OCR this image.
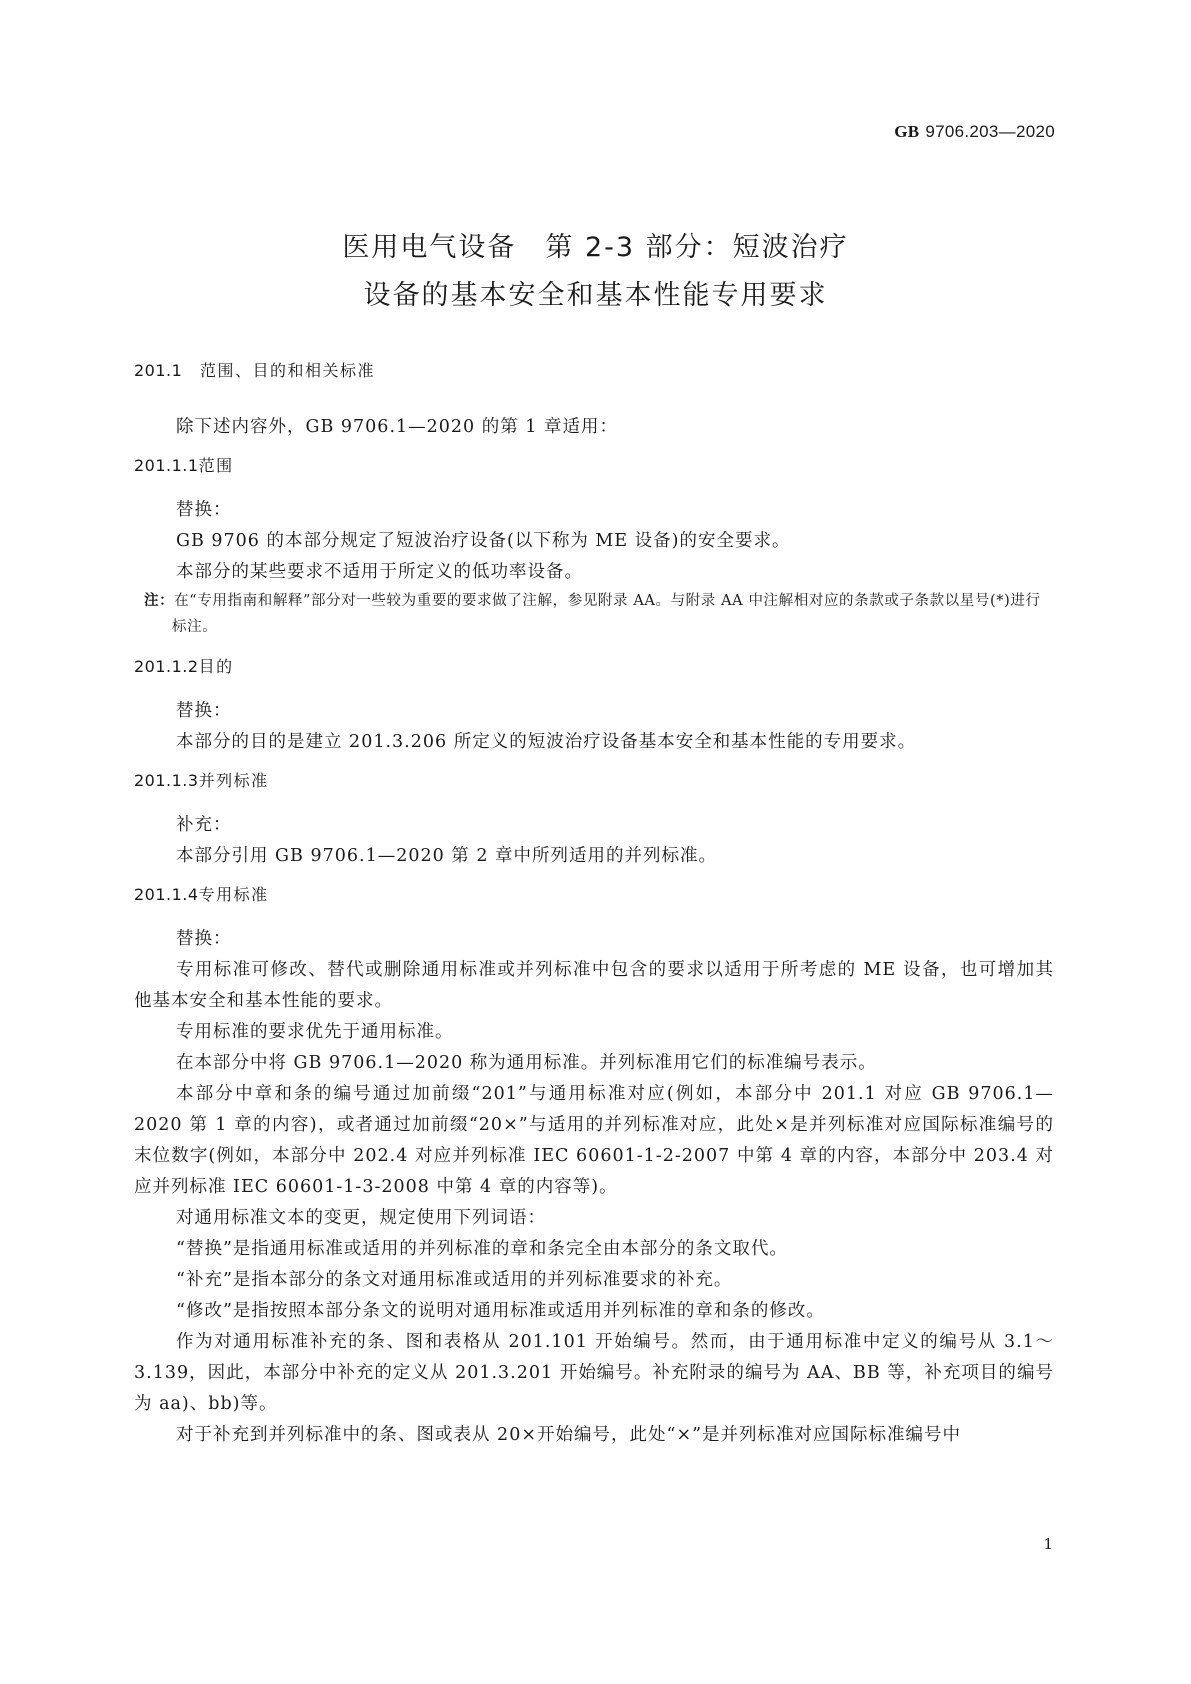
GB 9706.203—2020
医用电气设备　第 2-3 部分：短波治疗
设备的基本安全和基本性能专用要求
201.1 范围、目的和相关标准

除下述内容外，GB 9706.1—2020 的第 1 章适用：

201.1.1范围

替换：

GB 9706 的本部分规定了短波治疗设备(以下称为 ME 设备)的安全要求。

本部分的某些要求不适用于所定义的低功率设备。

注：在“专用指南和解释”部分对一些较为重要的要求做了注解，参见附录 AA。与附录 AA 中注解相对应的条款或子条款以星号(*)进行标注。
201.1.2目的

替换：

本部分的目的是建立 201.3.206 所定义的短波治疗设备基本安全和基本性能的专用要求。

201.1.3并列标准

补充：

本部分引用 GB 9706.1—2020 第 2 章中所列适用的并列标准。

201.1.4专用标准

替换：

专用标准可修改、替代或删除通用标准或并列标准中包含的要求以适用于所考虑的 ME 设备，也可增加其他基本安全和基本性能的要求。

专用标准的要求优先于通用标准。

在本部分中将 GB 9706.1—2020 称为通用标准。并列标准用它们的标准编号表示。

本部分中章和条的编号通过加前缀“201”与通用标准对应(例如，本部分中 201.1 对应 GB 9706.1—2020 第 1 章的内容)，或者通过加前缀“20×”与适用的并列标准对应，此处×是并列标准对应国际标准编号的末位数字(例如，本部分中 202.4 对应并列标准 IEC 60601-1-2-2007 中第 4 章的内容，本部分中 203.4 对应并列标准 IEC 60601-1-3-2008 中第 4 章的内容等)。

对通用标准文本的变更，规定使用下列词语：

“替换”是指通用标准或适用的并列标准的章和条完全由本部分的条文取代。

“补充”是指本部分的条文对通用标准或适用的并列标准要求的补充。

“修改”是指按照本部分条文的说明对通用标准或适用并列标准的章和条的修改。

作为对通用标准补充的条、图和表格从 201.101 开始编号。然而，由于通用标准中定义的编号从 3.1～3.139，因此，本部分中补充的定义从 201.3.201 开始编号。补充附录的编号为 AA、BB 等，补充项目的编号为 aa)、bb)等。

对于补充到并列标准中的条、图或表从 20×开始编号，此处“×”是并列标准对应国际标准编号中

1
